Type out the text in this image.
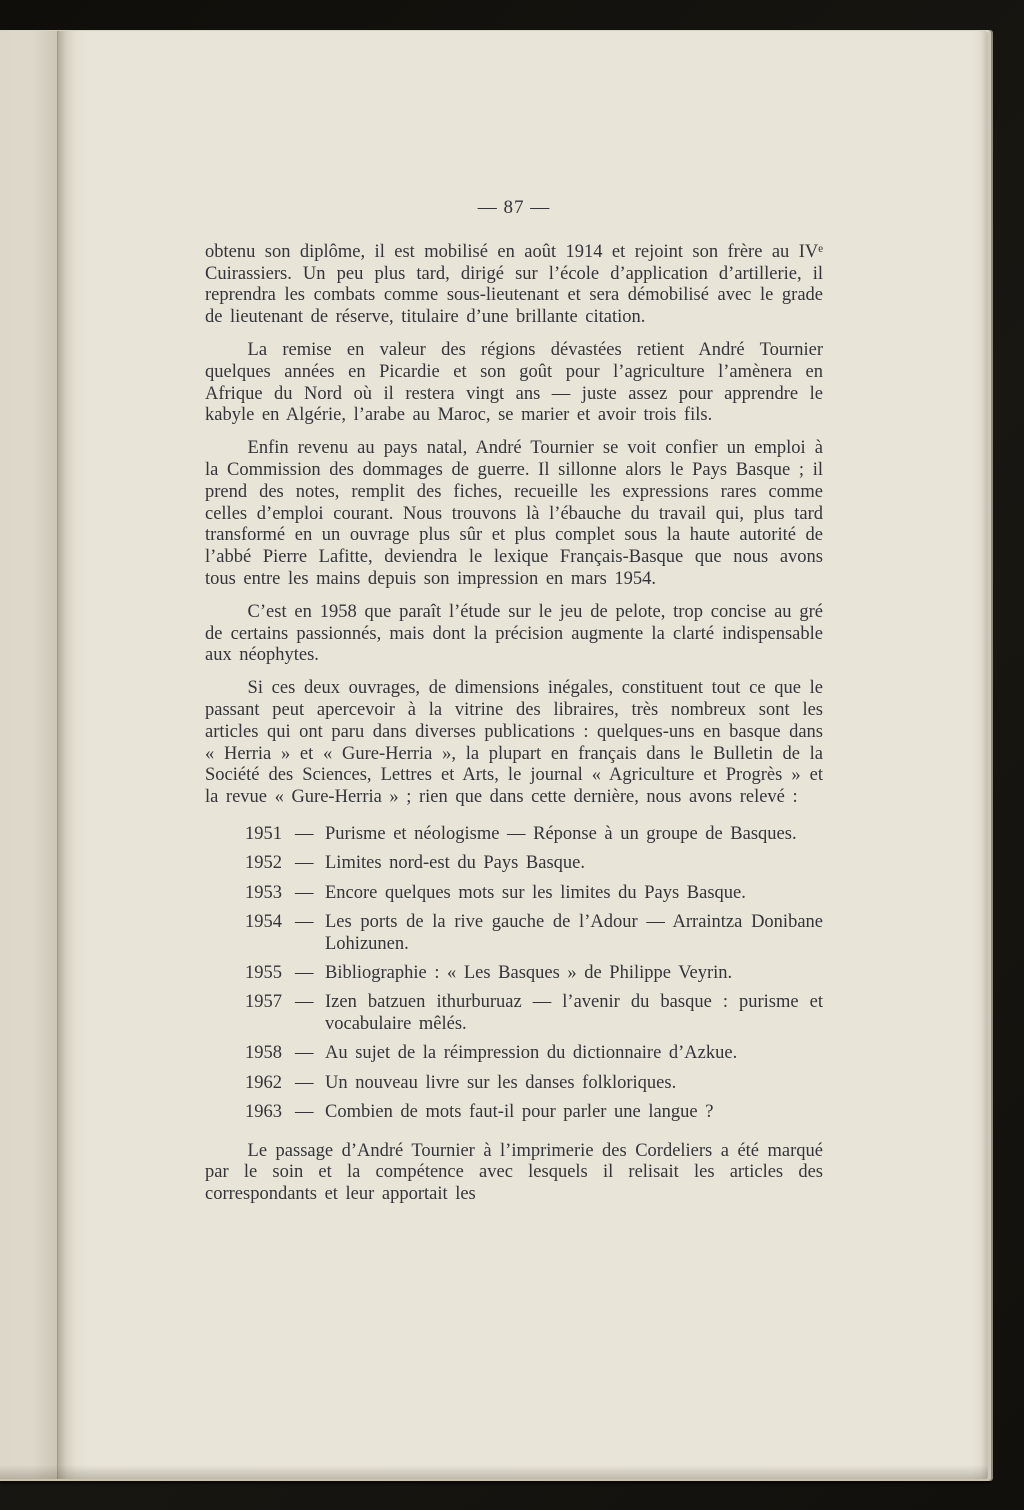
— 87 —

obtenu son diplôme, il est mobilisé en août 1914 et rejoint son frère au IVᵉ Cuirassiers. Un peu plus tard, dirigé sur l’école d’application d’artillerie, il reprendra les combats comme sous-lieutenant et sera démobilisé avec le grade de lieutenant de réserve, titulaire d’une brillante citation.

La remise en valeur des régions dévastées retient André Tournier quelques années en Picardie et son goût pour l’agriculture l’amènera en Afrique du Nord où il restera vingt ans — juste assez pour apprendre le kabyle en Algérie, l’arabe au Maroc, se marier et avoir trois fils.

Enfin revenu au pays natal, André Tournier se voit confier un emploi à la Commission des dommages de guerre. Il sillonne alors le Pays Basque ; il prend des notes, remplit des fiches, recueille les expressions rares comme celles d’emploi courant. Nous trouvons là l’ébauche du travail qui, plus tard transformé en un ouvrage plus sûr et plus complet sous la haute autorité de l’abbé Pierre Lafitte, deviendra le lexique Français-Basque que nous avons tous entre les mains depuis son impression en mars 1954.

C’est en 1958 que paraît l’étude sur le jeu de pelote, trop concise au gré de certains passionnés, mais dont la précision augmente la clarté indispensable aux néophytes.

Si ces deux ouvrages, de dimensions inégales, constituent tout ce que le passant peut apercevoir à la vitrine des libraires, très nombreux sont les articles qui ont paru dans diverses publications : quelques-uns en basque dans « Herria » et « Gure-Herria », la plupart en français dans le Bulletin de la Société des Sciences, Lettres et Arts, le journal « Agriculture et Progrès » et la revue « Gure-Herria » ; rien que dans cette dernière, nous avons relevé :

1951 — Purisme et néologisme — Réponse à un groupe de Basques.
1952 — Limites nord-est du Pays Basque.
1953 — Encore quelques mots sur les limites du Pays Basque.
1954 — Les ports de la rive gauche de l’Adour — Arraintza Donibane Lohizunen.
1955 — Bibliographie : « Les Basques » de Philippe Veyrin.
1957 — Izen batzuen ithurburuaz — l’avenir du basque : purisme et vocabulaire mêlés.
1958 — Au sujet de la réimpression du dictionnaire d’Azkue.
1962 — Un nouveau livre sur les danses folkloriques.
1963 — Combien de mots faut-il pour parler une langue ?

Le passage d’André Tournier à l’imprimerie des Cordeliers a été marqué par le soin et la compétence avec lesquels il relisait les articles des correspondants et leur apportait les
